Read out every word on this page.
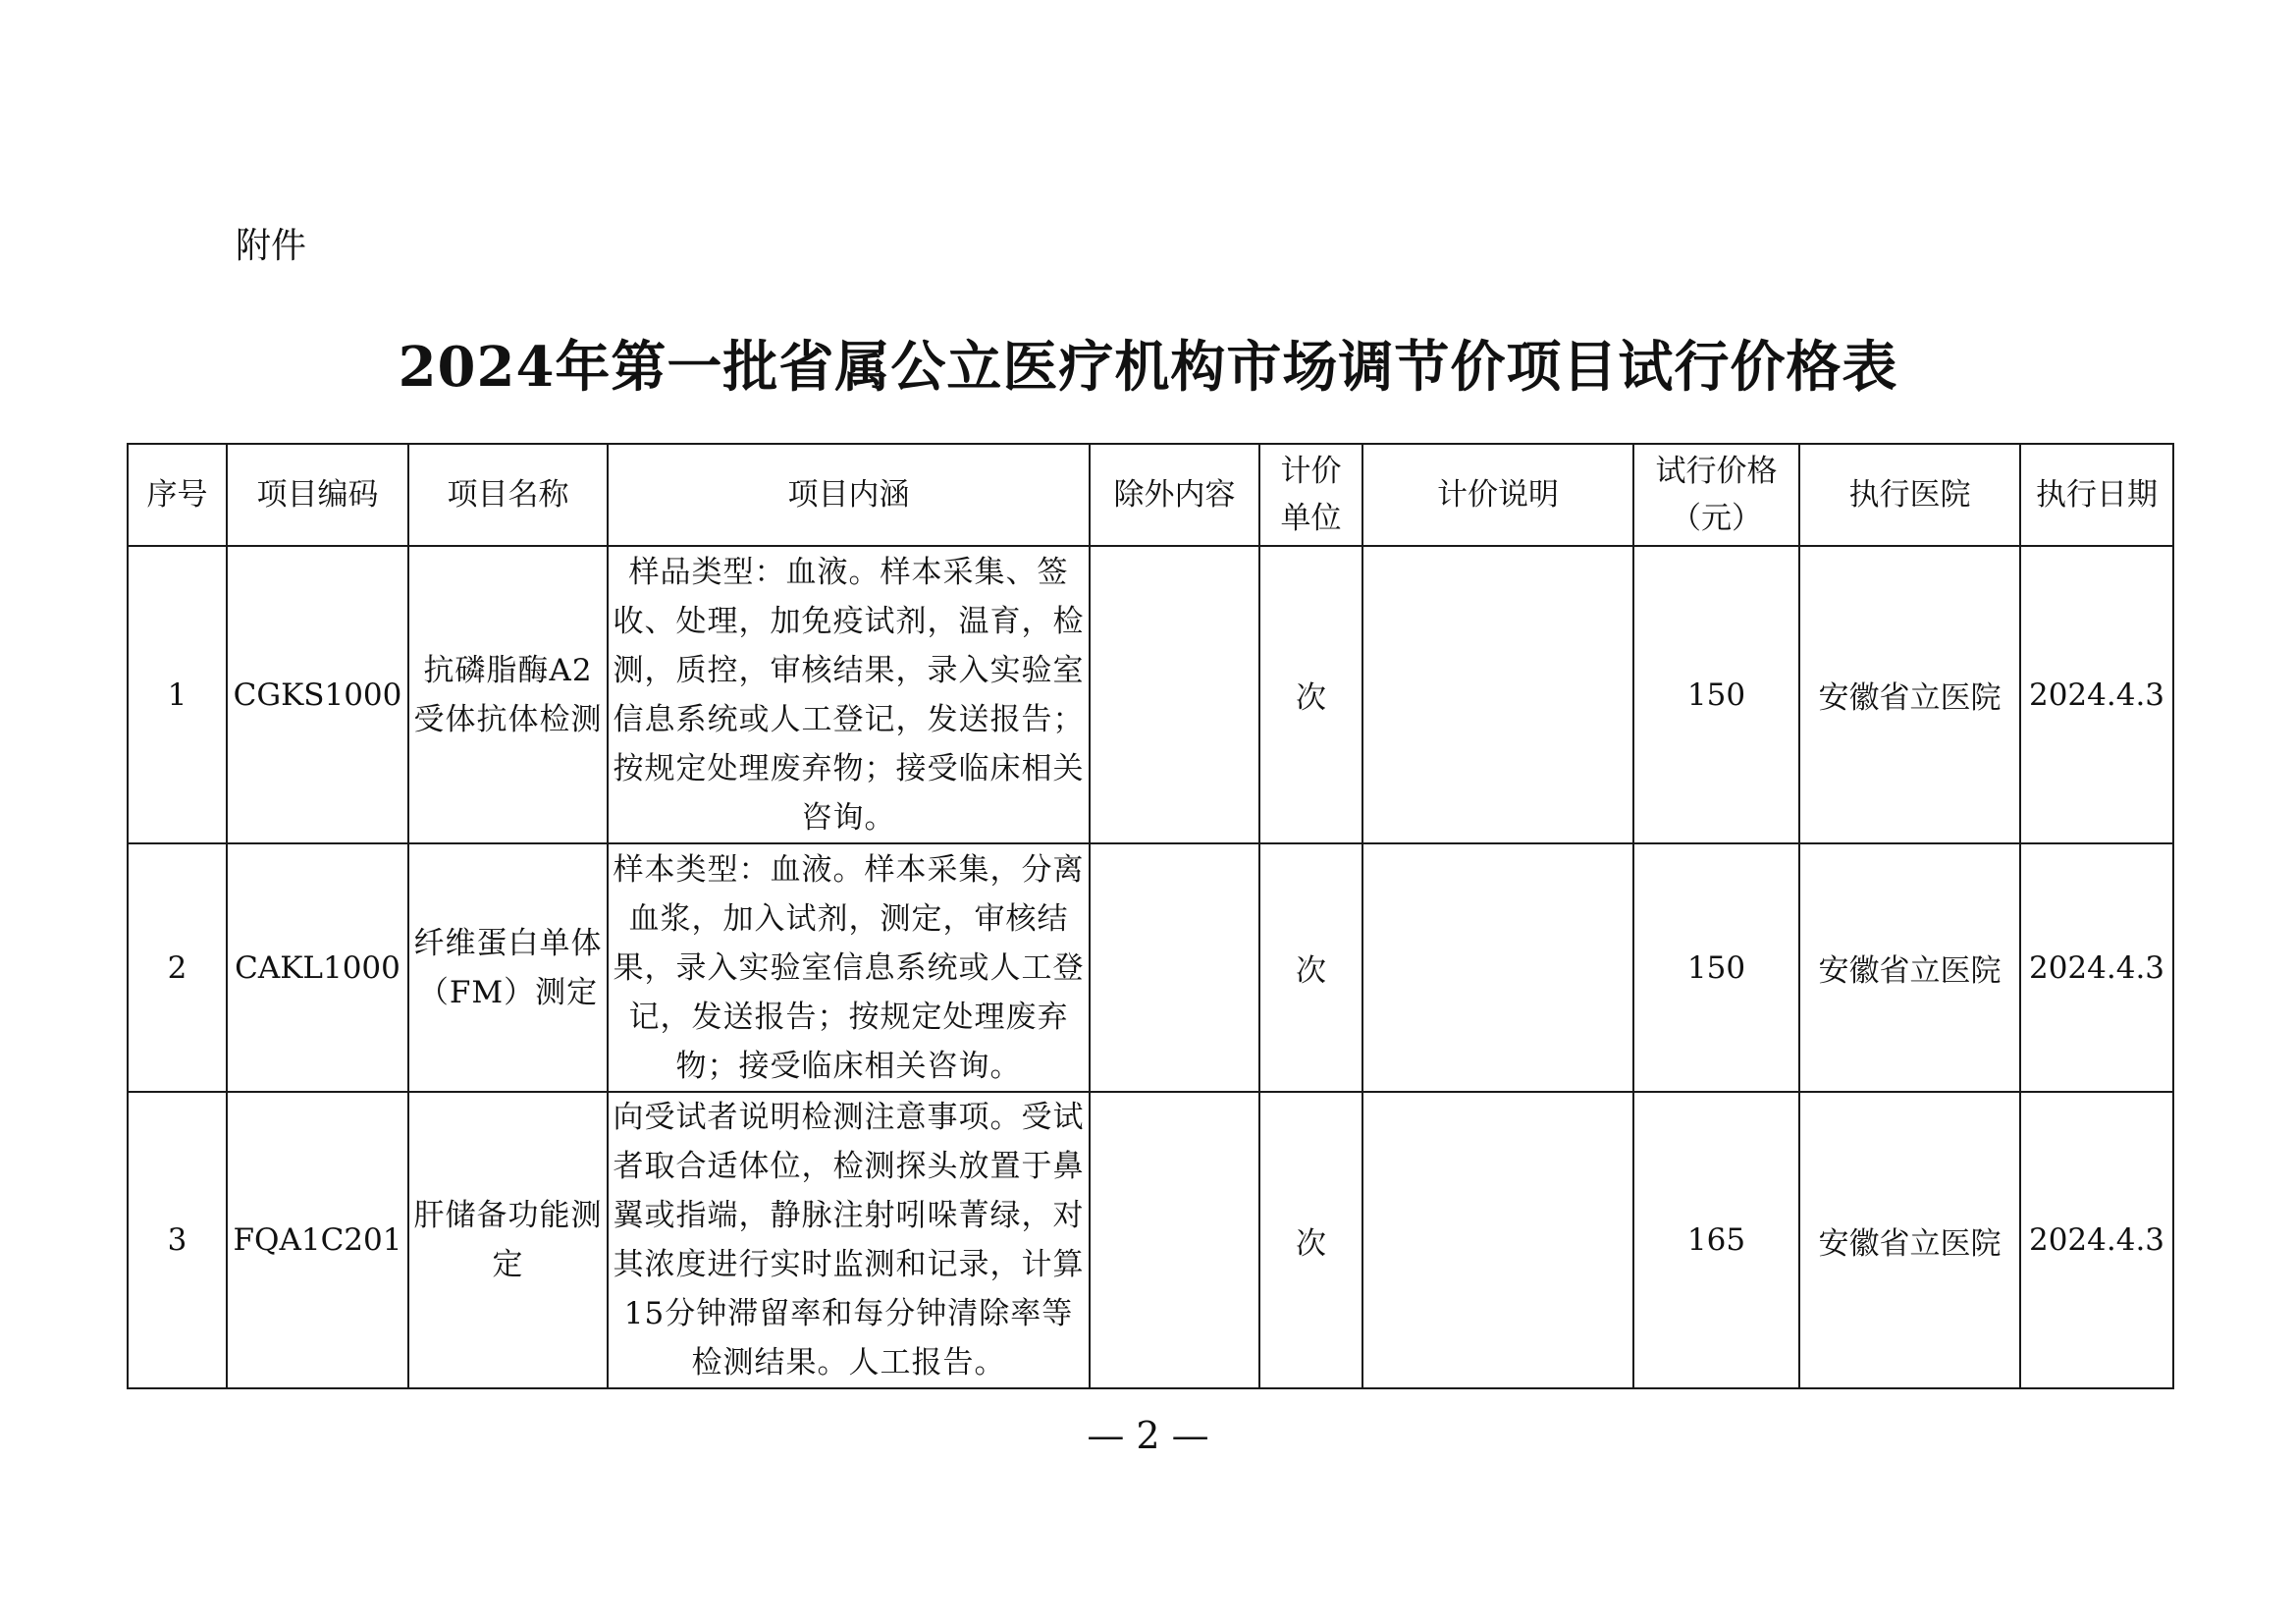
附件
2024年第一批省属公立医疗机构市场调节价项目试行价格表
序号	项目编码	项目名称	项目内涵	除外内容	计价单位	计价说明	试行价格（元）	执行医院	执行日期
1	CGKS1000	抗磷脂酶A2受体抗体检测	样品类型：血液。样本采集、签收、处理，加免疫试剂，温育，检测，质控，审核结果，录入实验室信息系统或人工登记，发送报告；按规定处理废弃物；接受临床相关咨询。		次		150	安徽省立医院	2024.4.3
2	CAKL1000	纤维蛋白单体（FM）测定	样本类型：血液。样本采集，分离血浆，加入试剂，测定，审核结果，录入实验室信息系统或人工登记，发送报告；按规定处理废弃物；接受临床相关咨询。		次		150	安徽省立医院	2024.4.3
3	FQA1C201	肝储备功能测定	向受试者说明检测注意事项。受试者取合适体位，检测探头放置于鼻翼或指端，静脉注射吲哚菁绿，对其浓度进行实时监测和记录，计算15分钟滞留率和每分钟清除率等检测结果。人工报告。		次		165	安徽省立医院	2024.4.3
— 2 —
